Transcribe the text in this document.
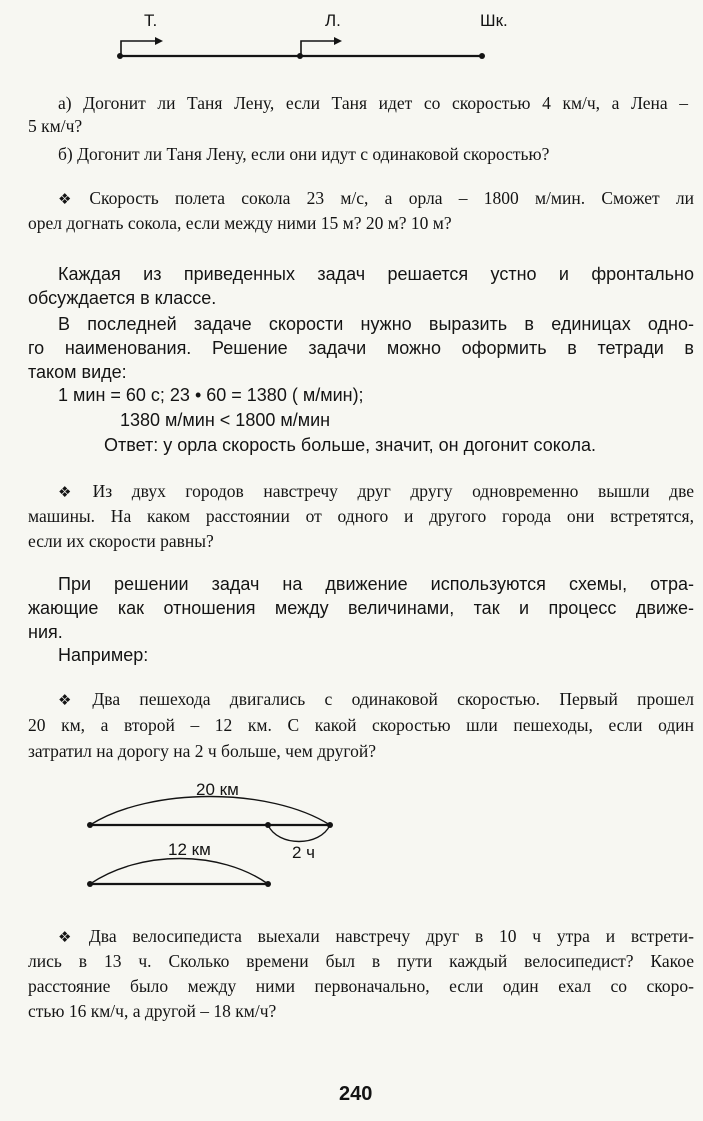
Т.	Л.	Шк.
а) Догонит ли Таня Лену, если Таня идет со скоростью 4 км/ч, а Лена –
5 км/ч?
б) Догонит ли Таня Лену, если они идут с одинаковой скоростью?
❖ Скорость полета сокола 23 м/с, а орла – 1800 м/мин. Сможет ли
орел догнать сокола, если между ними 15 м? 20 м? 10 м?
Каждая из приведенных задач решается устно и фронтально
обсуждается в классе.
В последней задаче скорости нужно выразить в единицах одно-
го наименования. Решение задачи можно оформить в тетради в
таком виде:
1 мин = 60 с; 23 • 60 = 1380 ( м/мин);
1380 м/мин < 1800 м/мин
Ответ: у орла скорость больше, значит, он догонит сокола.
❖ Из двух городов навстречу друг другу одновременно вышли две
машины. На каком расстоянии от одного и другого города они встретятся,
если их скорости равны?
При решении задач на движение используются схемы, отра-
жающие как отношения между величинами, так и процесс движе-
ния.
Например:
❖ Два пешехода двигались с одинаковой скоростью. Первый прошел
20 км, а второй – 12 км. С какой скоростью шли пешеходы, если один
затратил на дорогу на 2 ч больше, чем другой?
20 км
12 км	2 ч
❖ Два велосипедиста выехали навстречу друг в 10 ч утра и встрети-
лись в 13 ч. Сколько времени был в пути каждый велосипедист? Какое
расстояние было между ними первоначально, если один ехал со скоро-
стью 16 км/ч, а другой – 18 км/ч?
240
